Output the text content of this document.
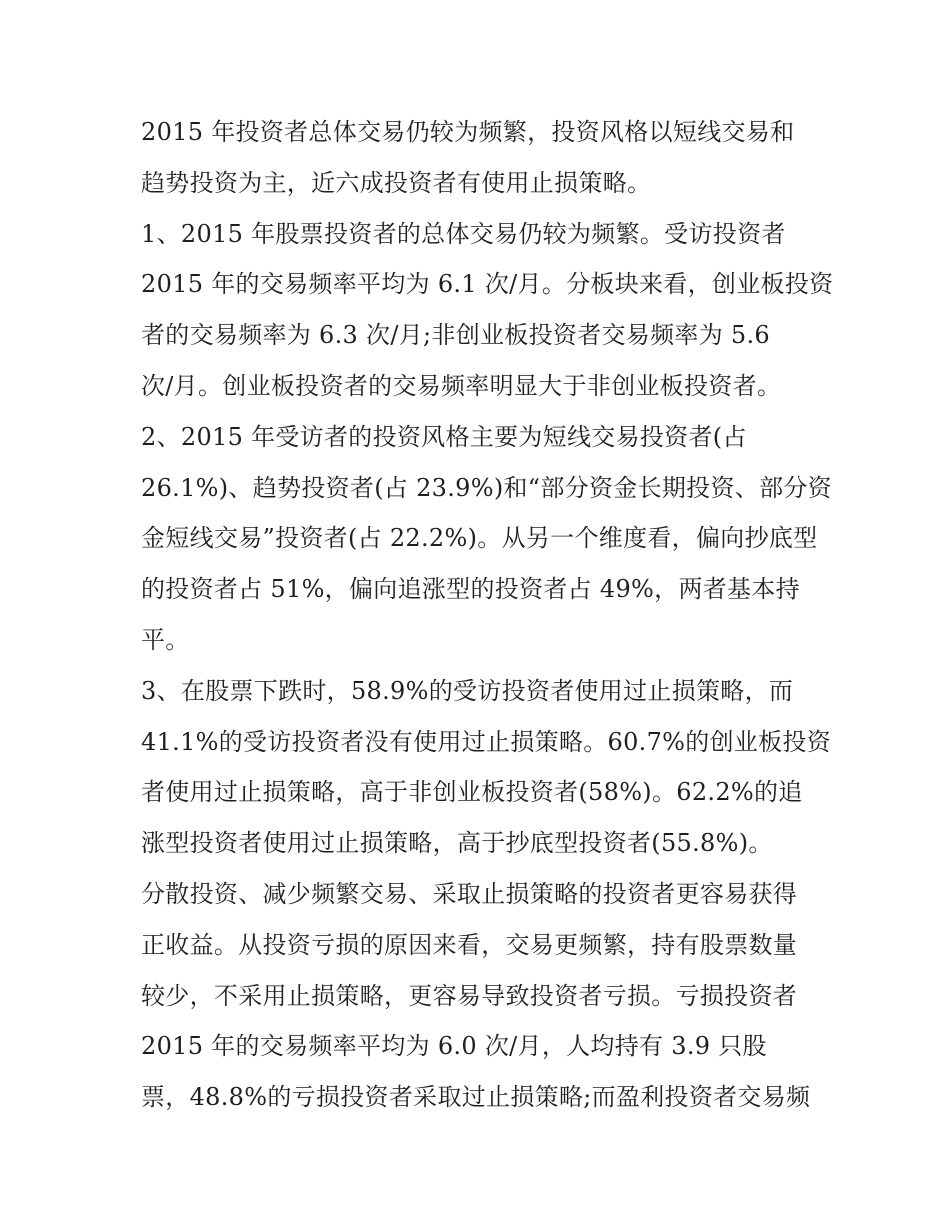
2015 年投资者总体交易仍较为频繁，投资风格以短线交易和
趋势投资为主，近六成投资者有使用止损策略。
1、2015 年股票投资者的总体交易仍较为频繁。受访投资者
2015 年的交易频率平均为 6.1 次/月。分板块来看，创业板投资
者的交易频率为 6.3 次/月;非创业板投资者交易频率为 5.6
次/月。创业板投资者的交易频率明显大于非创业板投资者。
2、2015 年受访者的投资风格主要为短线交易投资者(占
26.1%)、趋势投资者(占 23.9%)和“部分资金长期投资、部分资
金短线交易”投资者(占 22.2%)。从另一个维度看，偏向抄底型
的投资者占 51%，偏向追涨型的投资者占 49%，两者基本持
平。
3、在股票下跌时，58.9%的受访投资者使用过止损策略，而
41.1%的受访投资者没有使用过止损策略。60.7%的创业板投资
者使用过止损策略，高于非创业板投资者(58%)。62.2%的追
涨型投资者使用过止损策略，高于抄底型投资者(55.8%)。
分散投资、减少频繁交易、采取止损策略的投资者更容易获得
正收益。从投资亏损的原因来看，交易更频繁，持有股票数量
较少，不采用止损策略，更容易导致投资者亏损。亏损投资者
2015 年的交易频率平均为 6.0 次/月，人均持有 3.9 只股
票，48.8%的亏损投资者采取过止损策略;而盈利投资者交易频
